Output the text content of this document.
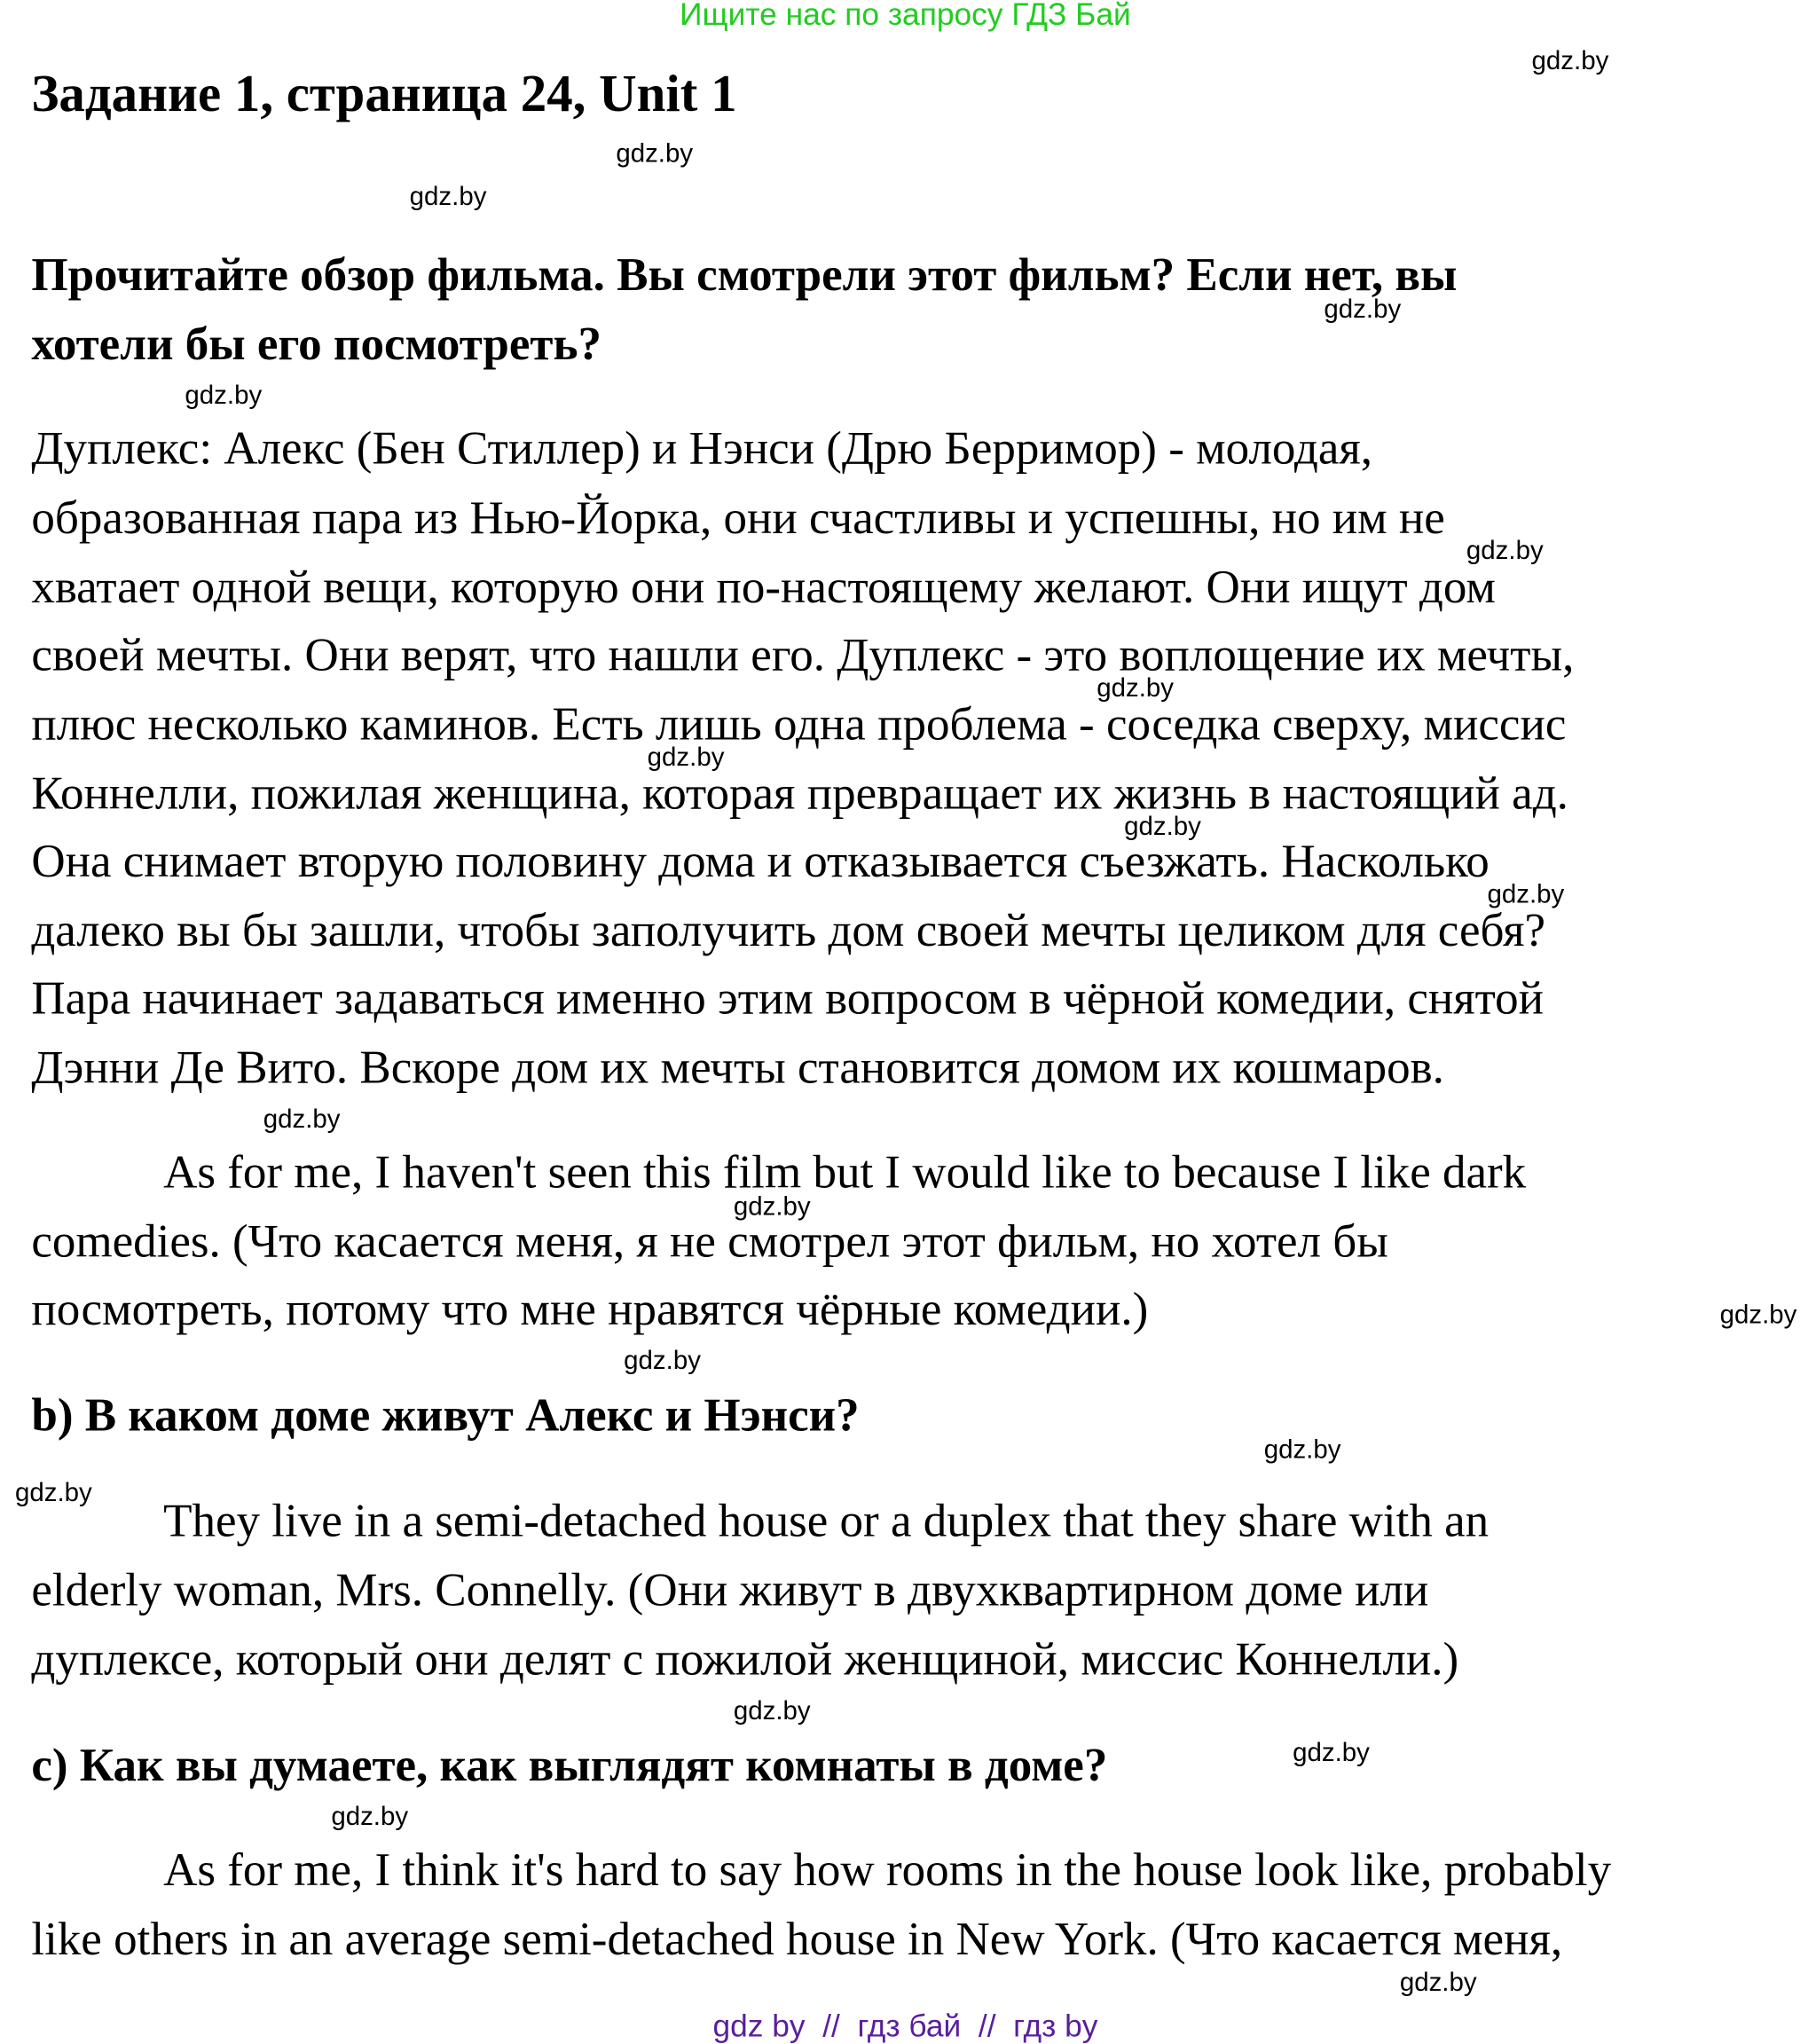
Ищите нас по запросу ГДЗ Бай
Задание 1, страница 24, Unit 1
Прочитайте обзор фильма. Вы смотрели этот фильм? Если нет, вы
хотели бы его посмотреть?
Дуплекс: Алекс (Бен Стиллер) и Нэнси (Дрю Берримор) - молодая,
образованная пара из Нью-Йорка, они счастливы и успешны, но им не
хватает одной вещи, которую они по-настоящему желают. Они ищут дом
своей мечты. Они верят, что нашли его. Дуплекс - это воплощение их мечты,
плюс несколько каминов. Есть лишь одна проблема - соседка сверху, миссис
Коннелли, пожилая женщина, которая превращает их жизнь в настоящий ад.
Она снимает вторую половину дома и отказывается съезжать. Насколько
далеко вы бы зашли, чтобы заполучить дом своей мечты целиком для себя?
Пара начинает задаваться именно этим вопросом в чёрной комедии, снятой
Дэнни Де Вито. Вскоре дом их мечты становится домом их кошмаров.
As for me, I haven't seen this film but I would like to because I like dark
comedies. (Что касается меня, я не смотрел этот фильм, но хотел бы
посмотреть, потому что мне нравятся чёрные комедии.)
b) В каком доме живут Алекс и Нэнси?
They live in a semi-detached house or a duplex that they share with an
elderly woman, Mrs. Connelly. (Они живут в двухквартирном доме или
дуплексе, который они делят с пожилой женщиной, миссис Коннелли.)
c) Как вы думаете, как выглядят комнаты в доме?
As for me, I think it's hard to say how rooms in the house look like, probably
like others in an average semi-detached house in New York. (Что касается меня,
gdz.by
gdz.by
gdz.by
gdz.by
gdz.by
gdz.by
gdz.by
gdz.by
gdz.by
gdz.by
gdz.by
gdz.by
gdz.by
gdz.by
gdz.by
gdz.by
gdz.by
gdz.by
gdz.by
gdz.by
gdz by  //  гдз бай  //  гдз by
